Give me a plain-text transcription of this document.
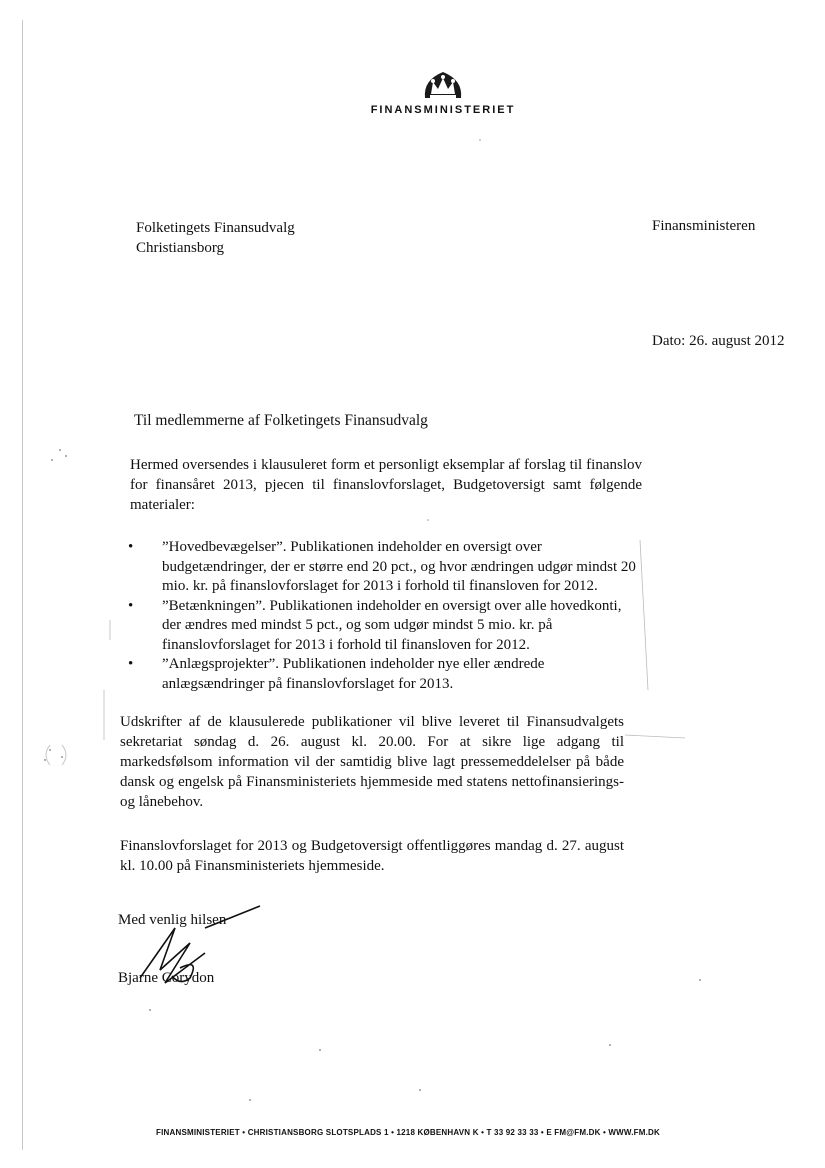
FINANSMINISTERIET
Folketingets Finansudvalg
Christiansborg
Finansministeren
Dato: 26. august 2012
Til medlemmerne af Folketingets Finansudvalg
Hermed oversendes i klausuleret form et personligt eksemplar af forslag til finanslov for finansåret 2013, pjecen til finanslovforslaget, Budgetoversigt samt følgende materialer:
• ”Hovedbevægelser”. Publikationen indeholder en oversigt over budgetændringer, der er større end 20 pct., og hvor ændringen udgør mindst 20 mio. kr. på finanslovforslaget for 2013 i forhold til finansloven for 2012.
• ”Betænkningen”. Publikationen indeholder en oversigt over alle hovedkonti, der ændres med mindst 5 pct., og som udgør mindst 5 mio. kr. på finanslovforslaget for 2013 i forhold til finansloven for 2012.
• ”Anlægsprojekter”. Publikationen indeholder nye eller ændrede anlægsændringer på finanslovforslaget for 2013.
Udskrifter af de klausulerede publikationer vil blive leveret til Finansudvalgets sekretariat søndag d. 26. august kl. 20.00. For at sikre lige adgang til markedsfølsom information vil der samtidig blive lagt pressemeddelelser på både dansk og engelsk på Finansministeriets hjemmeside med statens nettofinansierings- og lånebehov.
Finanslovforslaget for 2013 og Budgetoversigt offentliggøres mandag d. 27. august kl. 10.00 på Finansministeriets hjemmeside.
Med venlig hilsen
Bjarne Corydon
FINANSMINISTERIET • CHRISTIANSBORG SLOTSPLADS 1 • 1218 KØBENHAVN K • T 33 92 33 33 • E FM@FM.DK • WWW.FM.DK
